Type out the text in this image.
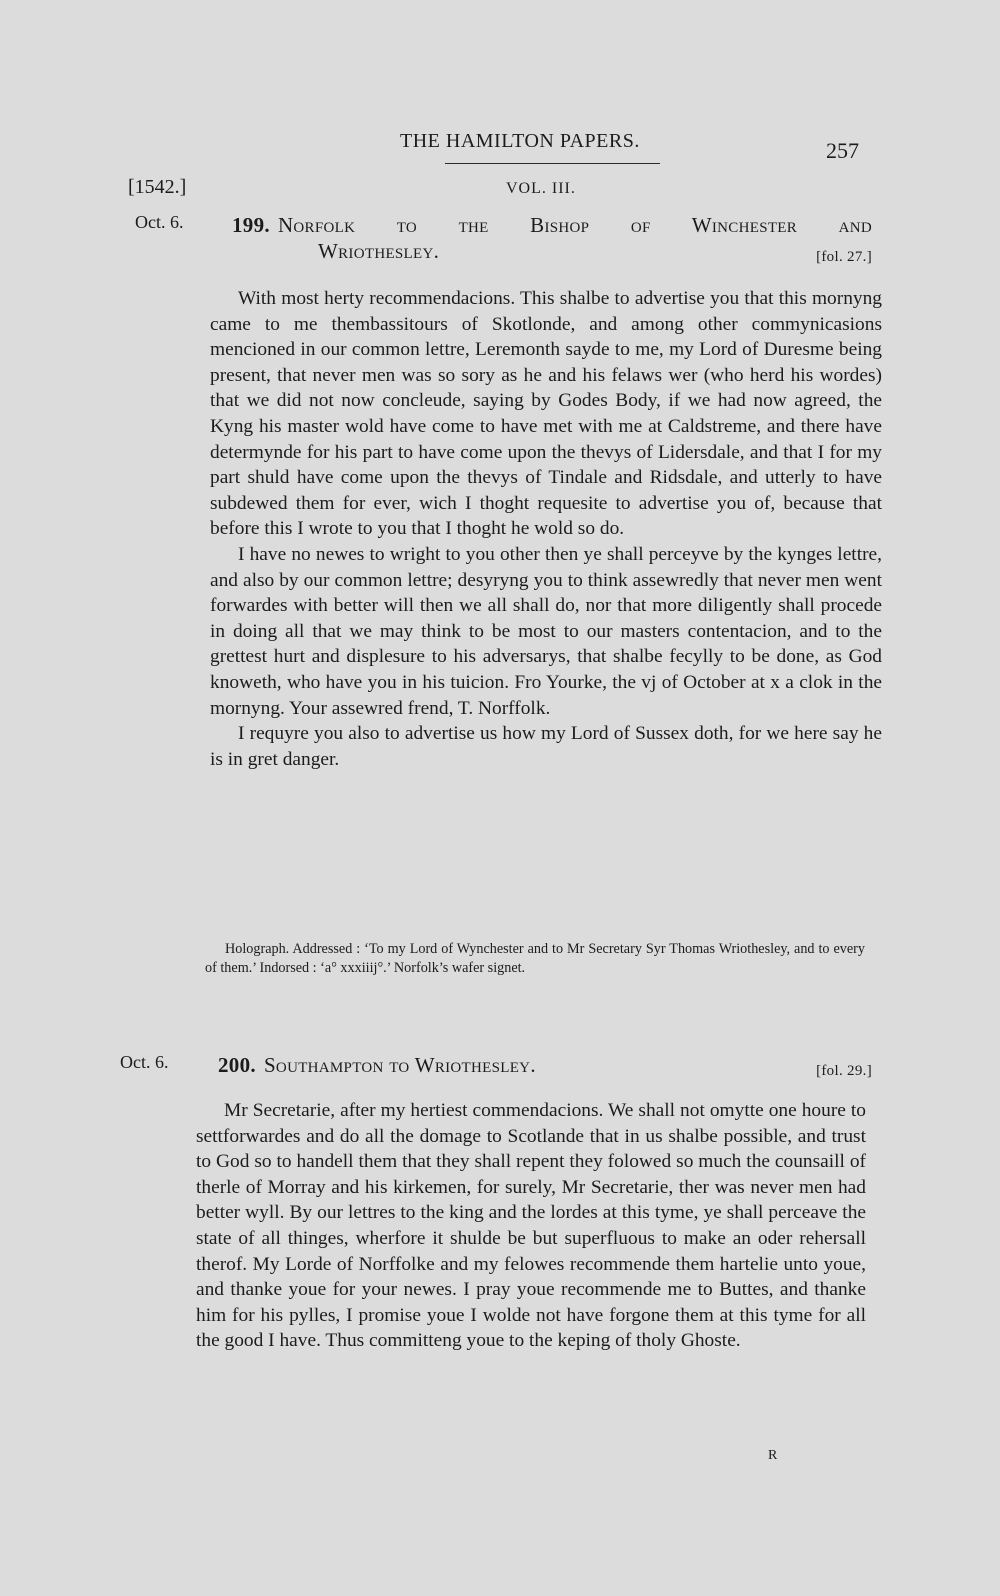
THE HAMILTON PAPERS.	257
[1542.]	VOL. III.
Oct. 6. 199. Norfolk to the Bishop of Winchester and
Wriothesley.	[fol. 27.]

With most herty recommendacions. This shalbe to advertise you that this mornyng came to me thembassitours of Skotlonde, and among other commynicasions mencioned in our common lettre, Leremonth sayde to me, my Lord of Duresme being present, that never men was so sory as he and his felaws wer (who herd his wordes) that we did not now concleude, saying by Godes Body, if we had now agreed, the Kyng his master wold have come to have met with me at Caldstreme, and there have determynde for his part to have come upon the thevys of Lidersdale, and that I for my part shuld have come upon the thevys of Tindale and Ridsdale, and utterly to have subdewed them for ever, wich I thoght requesite to advertise you of, because that before this I wrote to you that I thoght he wold so do.

I have no newes to wright to you other then ye shall perceyve by the kynges lettre, and also by our common lettre; desyryng you to think assewredly that never men went forwardes with better will then we all shall do, nor that more diligently shall procede in doing all that we may think to be most to our masters contentacion, and to the grettest hurt and displesure to his adversarys, that shalbe fecylly to be done, as God knoweth, who have you in his tuicion. Fro Yourke, the vj of October at x a clok in the mornyng. Your assewred frend, T. Norffolk.

I requyre you also to advertise us how my Lord of Sussex doth, for we here say he is in gret danger.

Holograph. Addressed : ‘To my Lord of Wynchester and to Mr Secretary Syr Thomas Wriothesley, and to every of them.’ Indorsed : ‘a° xxxiiij°.’ Norfolk’s wafer signet.

Oct. 6. 200. Southampton to Wriothesley.	[fol. 29.]

Mr Secretarie, after my hertiest commendacions. We shall not omytte one houre to settforwardes and do all the domage to Scotlande that in us shalbe possible, and trust to God so to handell them that they shall repent they folowed so much the counsaill of therle of Morray and his kirkemen, for surely, Mr Secretarie, ther was never men had better wyll. By our lettres to the king and the lordes at this tyme, ye shall perceave the state of all thinges, wherfore it shulde be but superfluous to make an oder rehersall therof. My Lorde of Norffolke and my felowes recommende them hartelie unto youe, and thanke youe for your newes. I pray youe recommende me to Buttes, and thanke him for his pylles, I promise youe I wolde not have forgone them at this tyme for all the good I have. Thus committeng youe to the keping of tholy Ghoste.

R
